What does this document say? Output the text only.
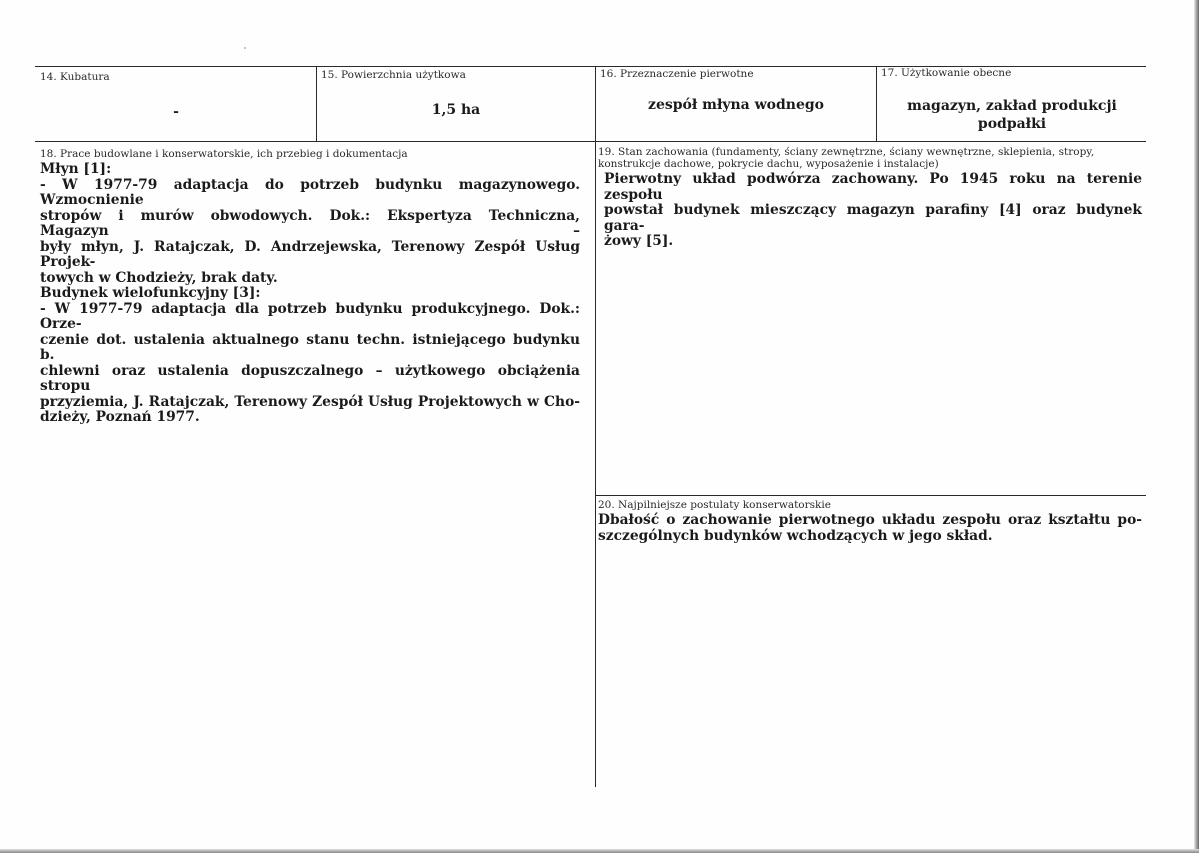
14. Kubatura
-
15. Powierzchnia użytkowa
1,5 ha
16. Przeznaczenie pierwotne
zespół młyna wodnego
17. Użytkowanie obecne
magazyn, zakład produkcji
podpałki
18. Prace budowlane i konserwatorskie, ich przebieg i dokumentacja
Młyn [1]:
- W 1977-79 adaptacja do potrzeb budynku magazynowego. Wzmocnienie
stropów i murów obwodowych. Dok.: Ekspertyza Techniczna, Magazyn –
były młyn, J. Ratajczak, D. Andrzejewska, Terenowy Zespół Usług Projek-
towych w Chodzieży, brak daty.
Budynek wielofunkcyjny [3]:
- W 1977-79 adaptacja dla potrzeb budynku produkcyjnego. Dok.: Orze-
czenie dot. ustalenia aktualnego stanu techn. istniejącego budynku b.
chlewni oraz ustalenia dopuszczalnego – użytkowego obciążenia stropu
przyziemia, J. Ratajczak, Terenowy Zespół Usług Projektowych w Cho-
dzieży, Poznań 1977.
19. Stan zachowania (fundamenty, ściany zewnętrzne, ściany wewnętrzne, sklepienia, stropy,
konstrukcje dachowe, pokrycie dachu, wyposażenie i instalacje)
Pierwotny układ podwórza zachowany. Po 1945 roku na terenie zespołu
powstał budynek mieszczący magazyn parafiny [4] oraz budynek gara-
żowy [5].
20. Najpilniejsze postulaty konserwatorskie
Dbałość o zachowanie pierwotnego układu zespołu oraz kształtu po-
szczególnych budynków wchodzących w jego skład.
